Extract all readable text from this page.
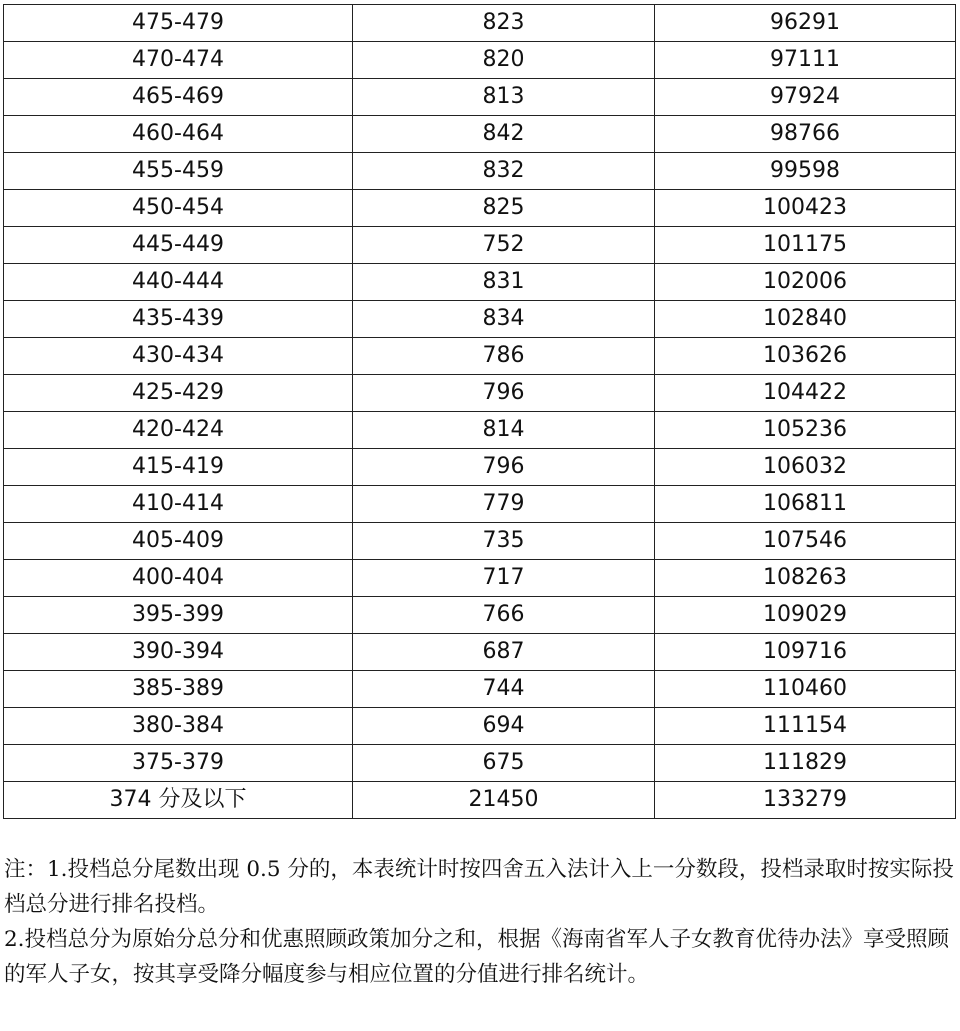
475-479	823	96291
470-474	820	97111
465-469	813	97924
460-464	842	98766
455-459	832	99598
450-454	825	100423
445-449	752	101175
440-444	831	102006
435-439	834	102840
430-434	786	103626
425-429	796	104422
420-424	814	105236
415-419	796	106032
410-414	779	106811
405-409	735	107546
400-404	717	108263
395-399	766	109029
390-394	687	109716
385-389	744	110460
380-384	694	111154
375-379	675	111829
374 分及以下	21450	133279

注：1.投档总分尾数出现 0.5 分的，本表统计时按四舍五入法计入上一分数段，投档录取时按实际投档总分进行排名投档。

2.投档总分为原始分总分和优惠照顾政策加分之和，根据《海南省军人子女教育优待办法》享受照顾的军人子女，按其享受降分幅度参与相应位置的分值进行排名统计。
